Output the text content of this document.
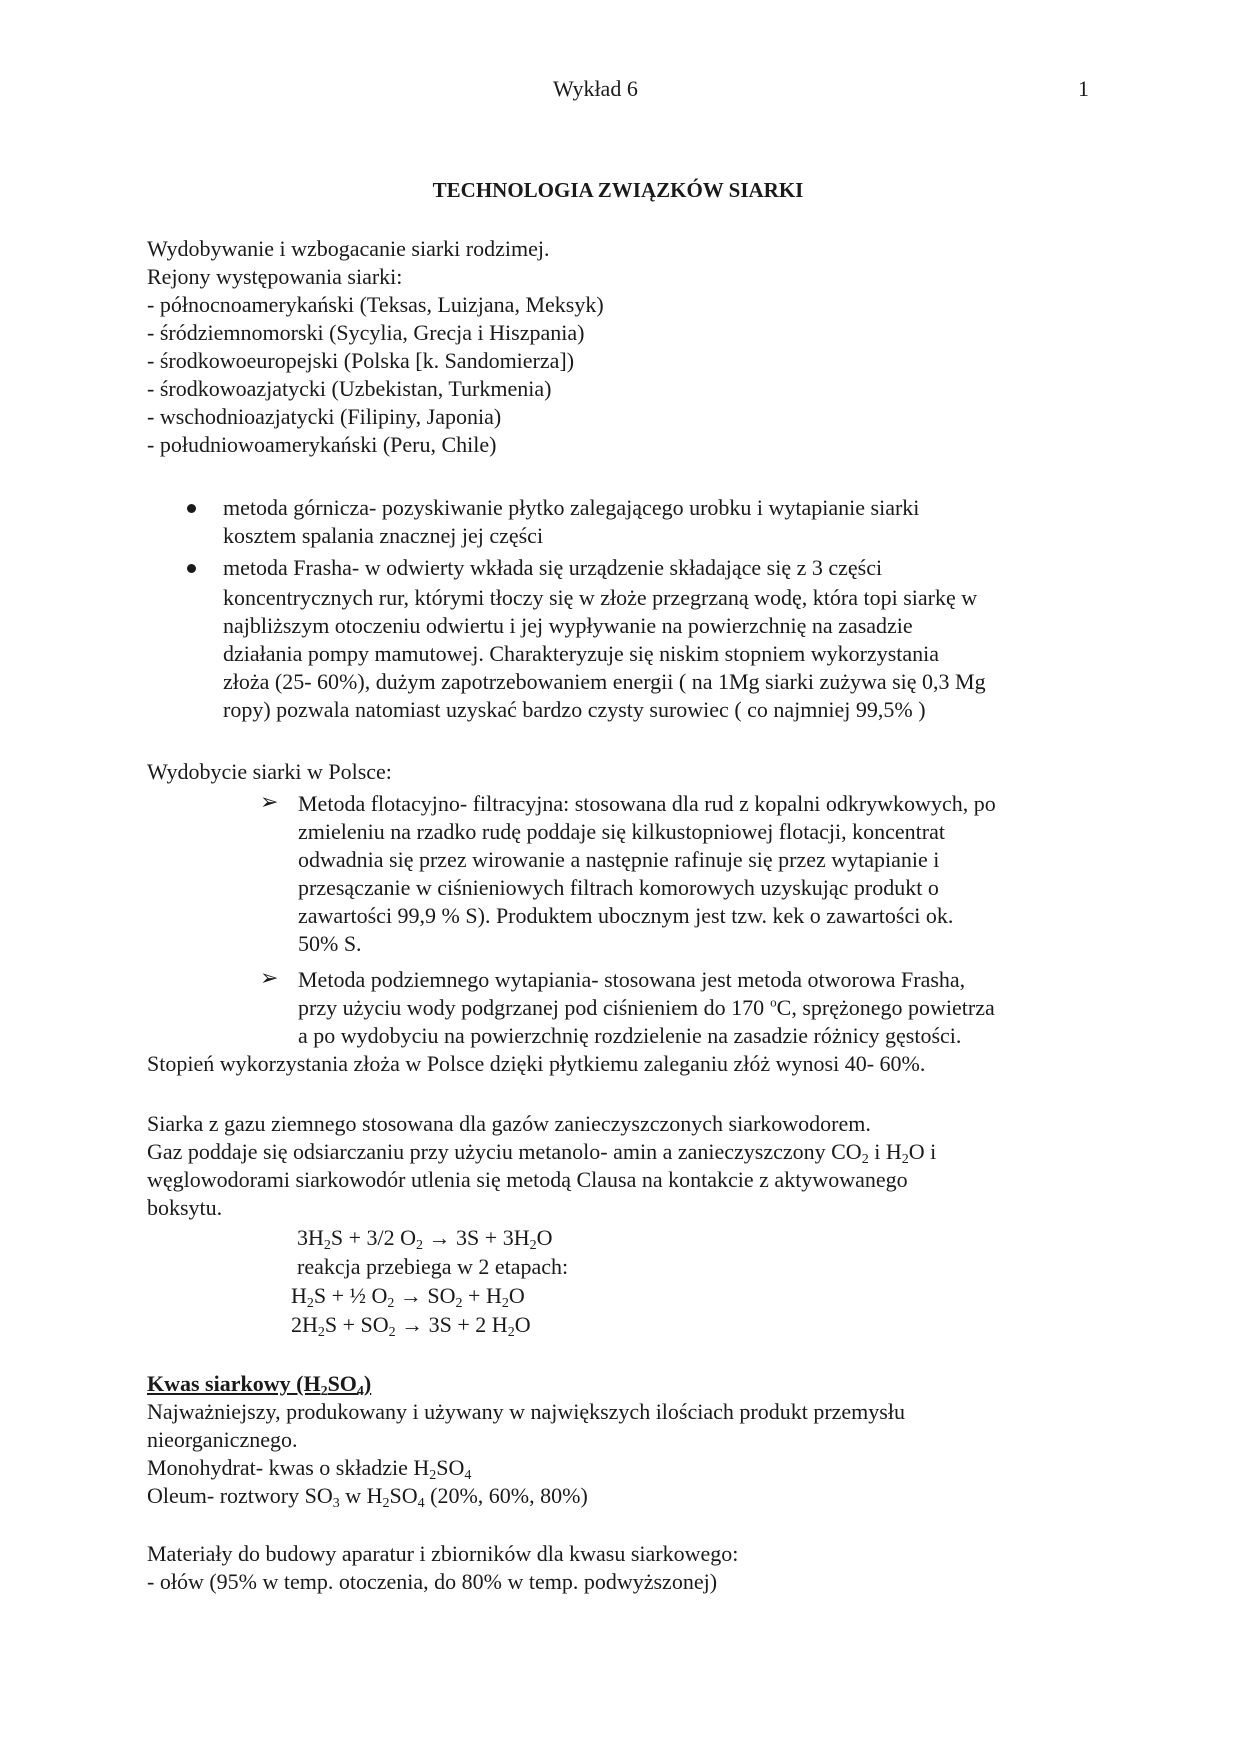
Wykład 6	1
TECHNOLOGIA ZWIĄZKÓW SIARKI
Wydobywanie i wzbogacanie siarki rodzimej.
Rejony występowania siarki:
- północnoamerykański (Teksas, Luizjana, Meksyk)
- śródziemnomorski (Sycylia, Grecja i Hiszpania)
- środkowoeuropejski (Polska [k. Sandomierza])
- środkowoazjatycki (Uzbekistan, Turkmenia)
- wschodnioazjatycki (Filipiny, Japonia)
- południowoamerykański (Peru, Chile)
metoda górnicza- pozyskiwanie płytko zalegającego urobku i wytapianie siarki
kosztem spalania znacznej jej części
metoda Frasha- w odwierty wkłada się urządzenie składające się z 3 części
koncentrycznych rur, którymi tłoczy się w złoże przegrzaną wodę, która topi siarkę w
najbliższym otoczeniu odwiertu i jej wypływanie na powierzchnię na zasadzie
działania pompy mamutowej. Charakteryzuje się niskim stopniem wykorzystania
złoża (25- 60%), dużym zapotrzebowaniem energii ( na 1Mg siarki zużywa się 0,3 Mg
ropy) pozwala natomiast uzyskać bardzo czysty surowiec ( co najmniej 99,5% )
Wydobycie siarki w Polsce:
➢ Metoda flotacyjno- filtracyjna: stosowana dla rud z kopalni odkrywkowych, po
zmieleniu na rzadko rudę poddaje się kilkustopniowej flotacji, koncentrat
odwadnia się przez wirowanie a następnie rafinuje się przez wytapianie i
przesączanie w ciśnieniowych filtrach komorowych uzyskując produkt o
zawartości 99,9 % S). Produktem ubocznym jest tzw. kek o zawartości ok.
50% S.
➢ Metoda podziemnego wytapiania- stosowana jest metoda otworowa Frasha,
przy użyciu wody podgrzanej pod ciśnieniem do 170 $^o$C, sprężonego powietrza
a po wydobyciu na powierzchnię rozdzielenie na zasadzie różnicy gęstości.
Stopień wykorzystania złoża w Polsce dzięki płytkiemu zaleganiu złóż wynosi 40- 60%.
Siarka z gazu ziemnego stosowana dla gazów zanieczyszczonych siarkowodorem.
Gaz poddaje się odsiarczaniu przy użyciu metanolo- amin a zanieczyszczony $CO_2$ i $H_2O$ i
węglowodorami siarkowodór utlenia się metodą Clausa na kontakcie z aktywowanego
boksytu.
$3H_2S + 3/2$ $O_2 \to 3S + 3H_2O$
reakcja przebiega w 2 etapach:
$H_2S$ + ½ $O_2 \to SO_2 + H_2O$
$2H_2S + SO_2 \to 3S + 2$ $H_2O$
Kwas siarkowy $(H_2SO_4)$
Najważniejszy, produkowany i używany w największych ilościach produkt przemysłu
nieorganicznego.
Monohydrat- kwas o składzie $H_2SO_4$
Oleum- roztwory $SO_3$ w $H_2SO_4$ (20%, 60%, 80%)
Materiały do budowy aparatur i zbiorników dla kwasu siarkowego:
- ołów (95% w temp. otoczenia, do 80% w temp. podwyższonej)
